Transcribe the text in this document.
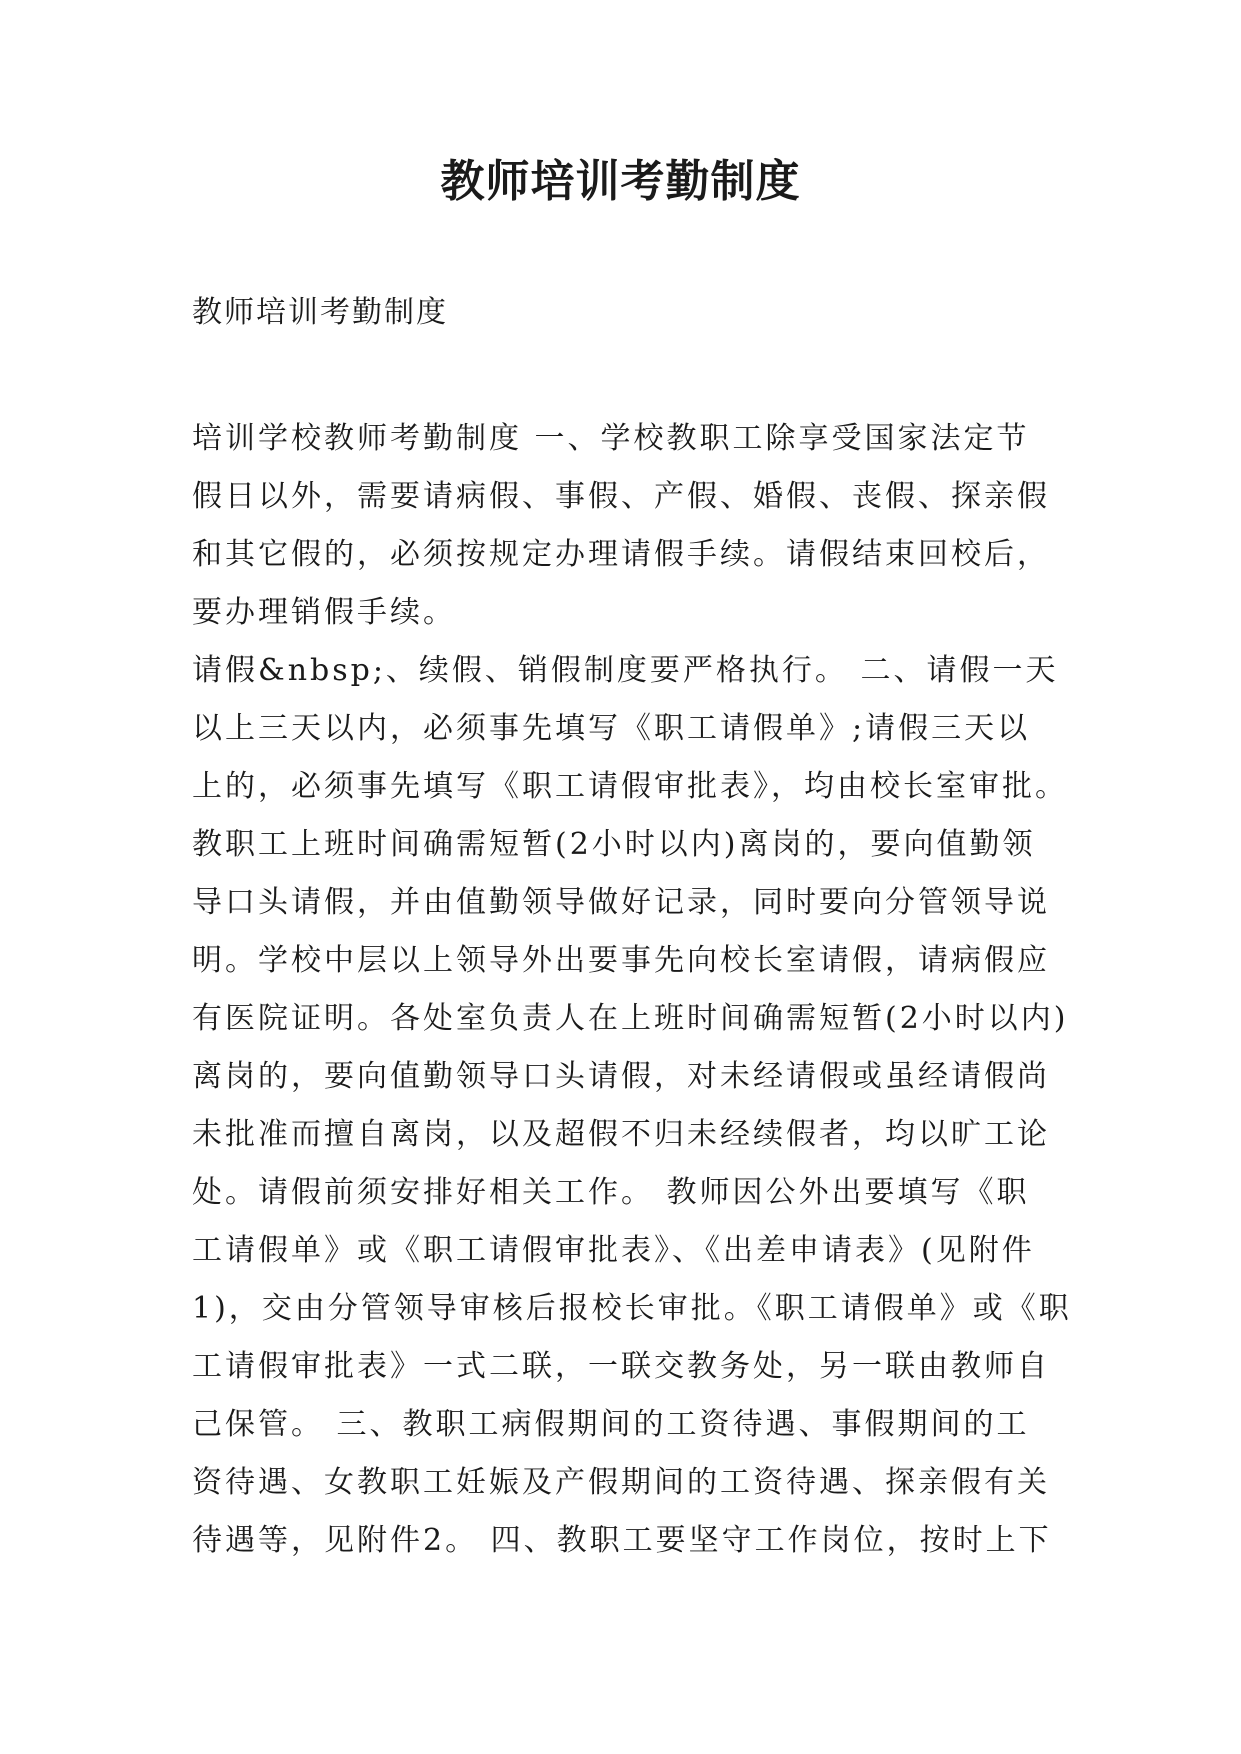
教师培训考勤制度

教师培训考勤制度

培训学校教师考勤制度 一、学校教职工除享受国家法定节
假日以外，需要请病假、事假、产假、婚假、丧假、探亲假
和其它假的，必须按规定办理请假手续。请假结束回校后，
要办理销假手续。

请假&nbsp;、续假、销假制度要严格执行。 二、请假一天
以上三天以内，必须事先填写《职工请假单》;请假三天以
上的，必须事先填写《职工请假审批表》，均由校长室审批。
教职工上班时间确需短暂(2小时以内)离岗的，要向值勤领
导口头请假，并由值勤领导做好记录，同时要向分管领导说
明。学校中层以上领导外出要事先向校长室请假，请病假应
有医院证明。各处室负责人在上班时间确需短暂(2小时以内)
离岗的，要向值勤领导口头请假，对未经请假或虽经请假尚
未批准而擅自离岗，以及超假不归未经续假者，均以旷工论
处。请假前须安排好相关工作。 教师因公外出要填写《职
工请假单》或《职工请假审批表》、《出差申请表》(见附件
1)，交由分管领导审核后报校长审批。《职工请假单》或《职
工请假审批表》一式二联，一联交教务处，另一联由教师自
己保管。 三、教职工病假期间的工资待遇、事假期间的工
资待遇、女教职工妊娠及产假期间的工资待遇、探亲假有关
待遇等，见附件2。 四、教职工要坚守工作岗位，按时上下
